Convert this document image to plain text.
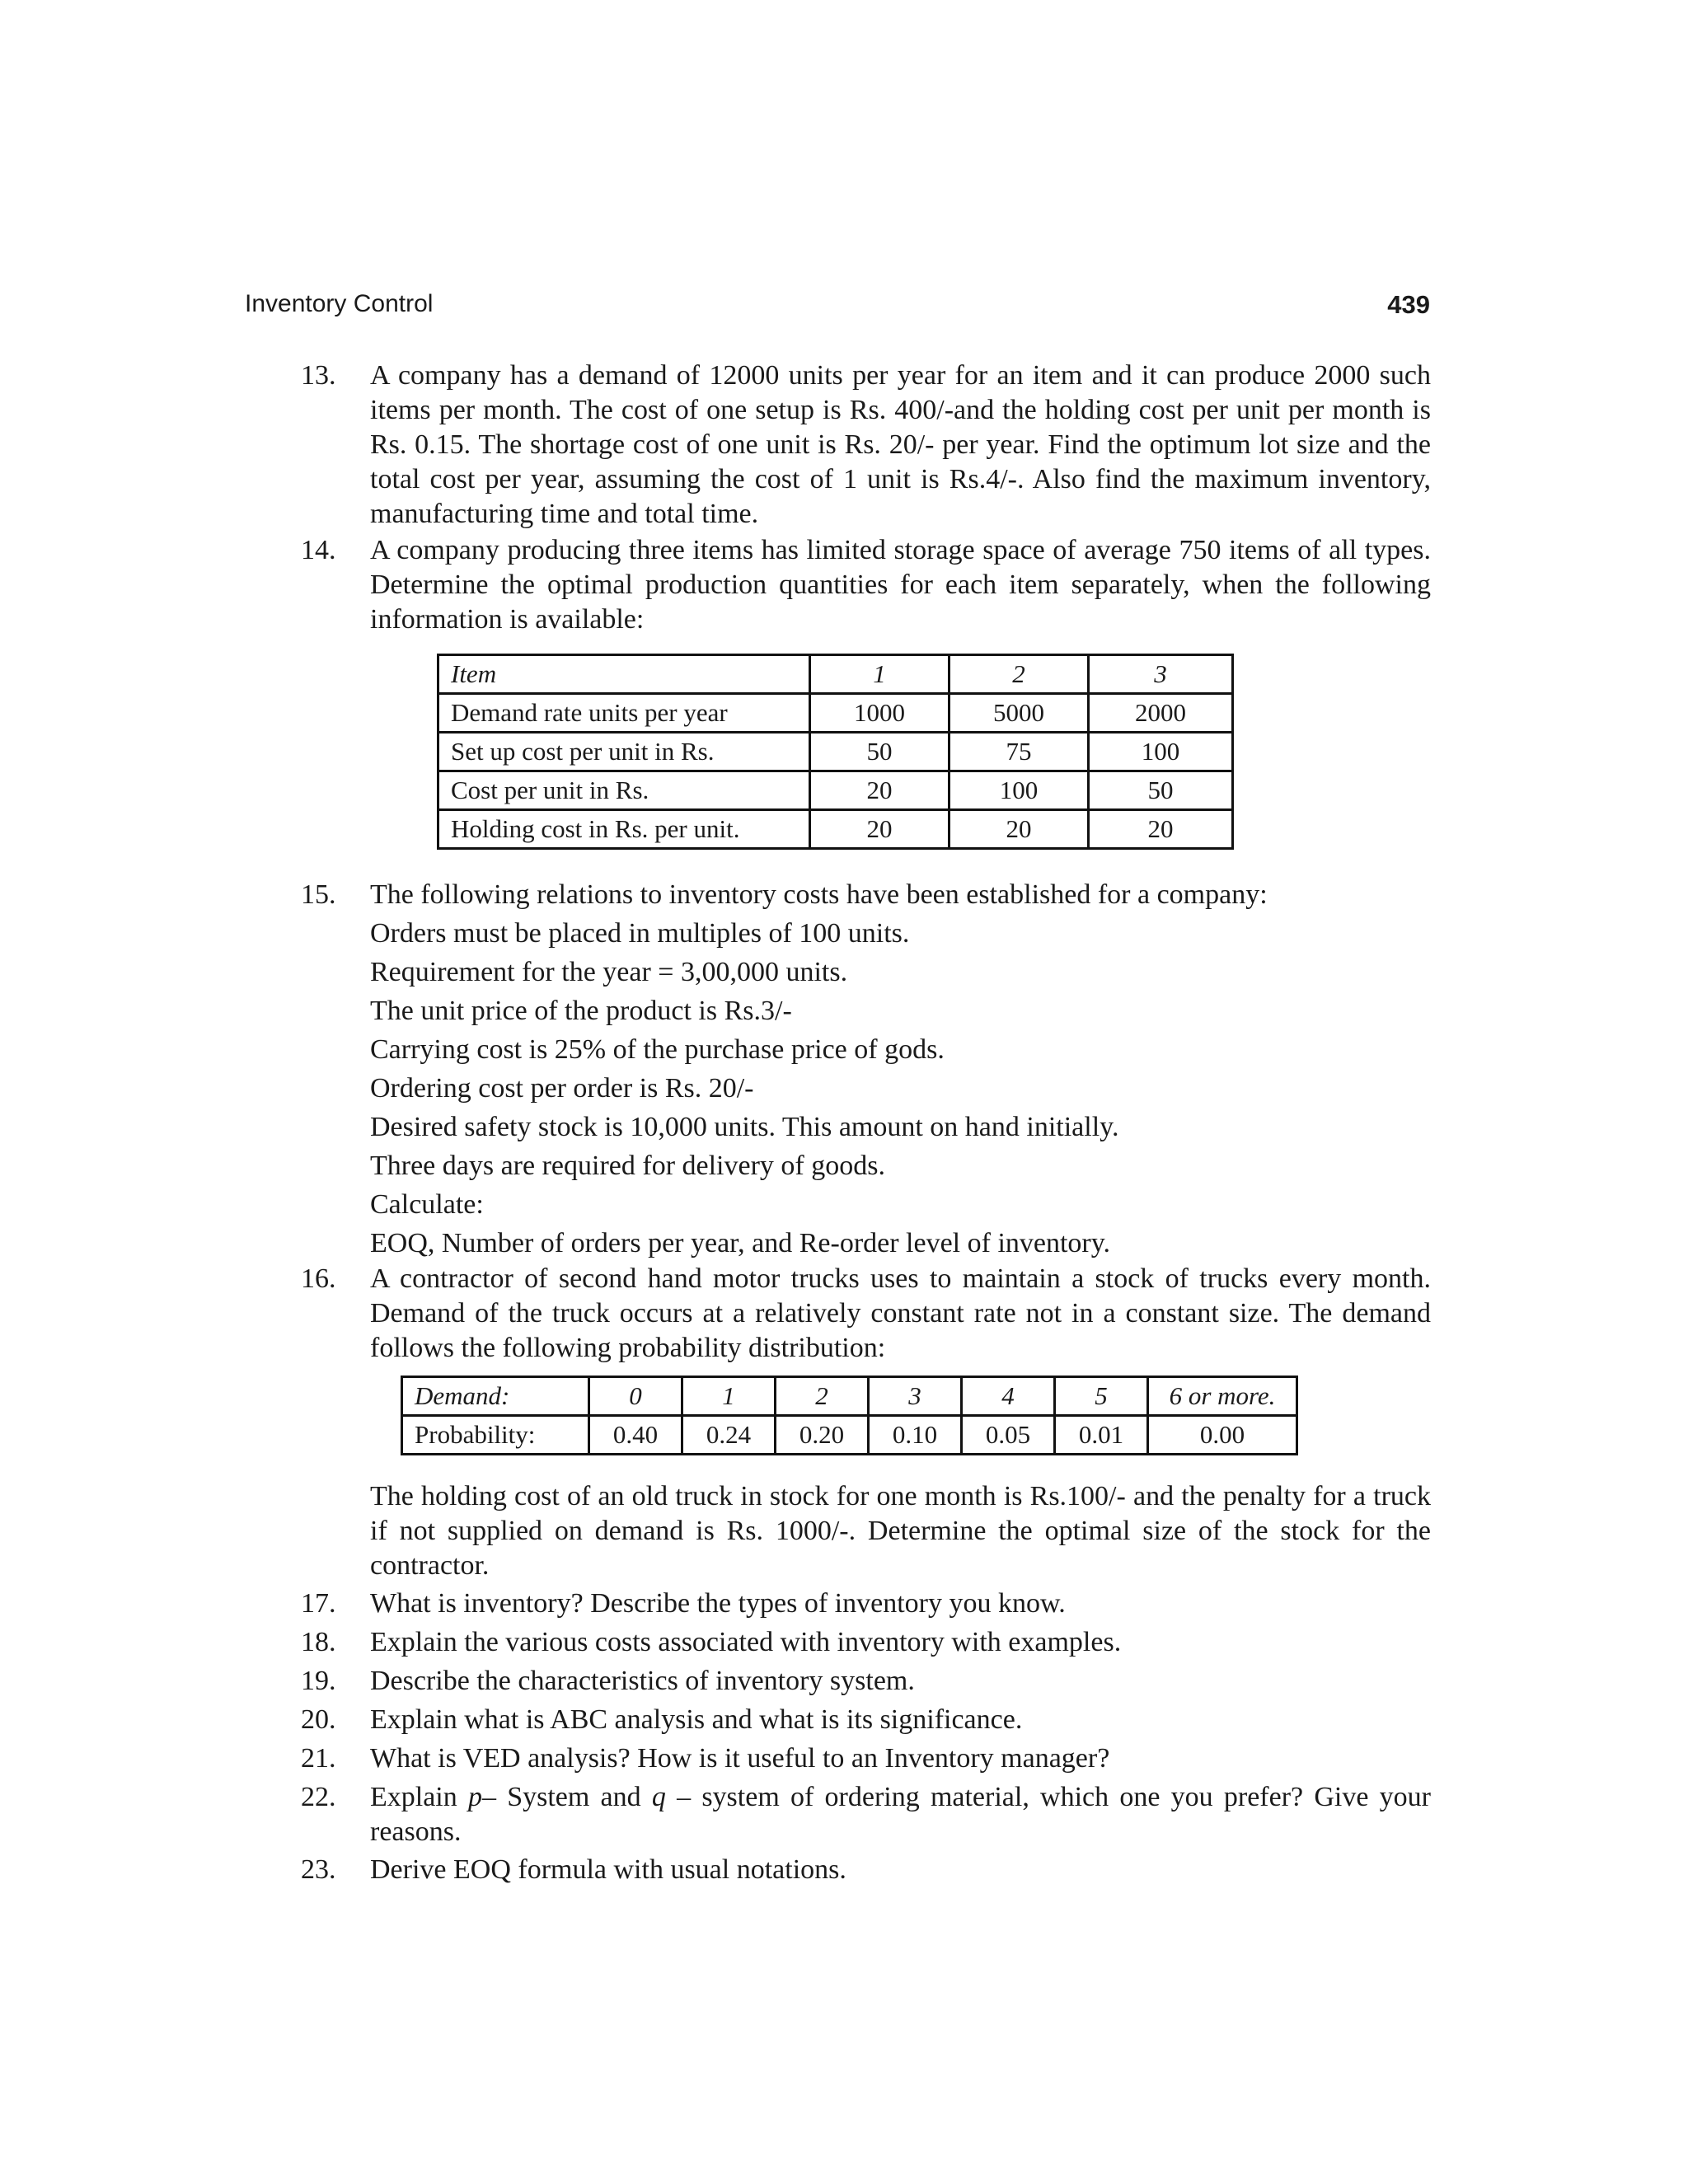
Inventory Control	439
13. A company has a demand of 12000 units per year for an item and it can produce 2000 such items per month. The cost of one setup is Rs. 400/-and the holding cost per unit per month is Rs. 0.15. The shortage cost of one unit is Rs. 20/- per year. Find the optimum lot size and the total cost per year, assuming the cost of 1 unit is Rs.4/-. Also find the maximum inventory, manufacturing time and total time.
14. A company producing three items has limited storage space of average 750 items of all types. Determine the optimal production quantities for each item separately, when the following information is available:
Item	1	2	3
Demand rate units per year	1000	5000	2000
Set up cost per unit in Rs.	50	75	100
Cost per unit in Rs.	20	100	50
Holding cost in Rs. per unit.	20	20	20
15. The following relations to inventory costs have been established for a company:
Orders must be placed in multiples of 100 units.
Requirement for the year = 3,00,000 units.
The unit price of the product is Rs.3/-
Carrying cost is 25% of the purchase price of gods.
Ordering cost per order is Rs. 20/-
Desired safety stock is 10,000 units. This amount on hand initially.
Three days are required for delivery of goods.
Calculate:
EOQ, Number of orders per year, and Re-order level of inventory.
16. A contractor of second hand motor trucks uses to maintain a stock of trucks every month. Demand of the truck occurs at a relatively constant rate not in a constant size. The demand follows the following probability distribution:
Demand:	0	1	2	3	4	5	6 or more.
Probability:	0.40	0.24	0.20	0.10	0.05	0.01	0.00
The holding cost of an old truck in stock for one month is Rs.100/- and the penalty for a truck if not supplied on demand is Rs. 1000/-. Determine the optimal size of the stock for the contractor.
17. What is inventory? Describe the types of inventory you know.
18. Explain the various costs associated with inventory with examples.
19. Describe the characteristics of inventory system.
20. Explain what is ABC analysis and what is its significance.
21. What is VED analysis? How is it useful to an Inventory manager?
22. Explain p– System and q – system of ordering material, which one you prefer? Give your reasons.
23. Derive EOQ formula with usual notations.
